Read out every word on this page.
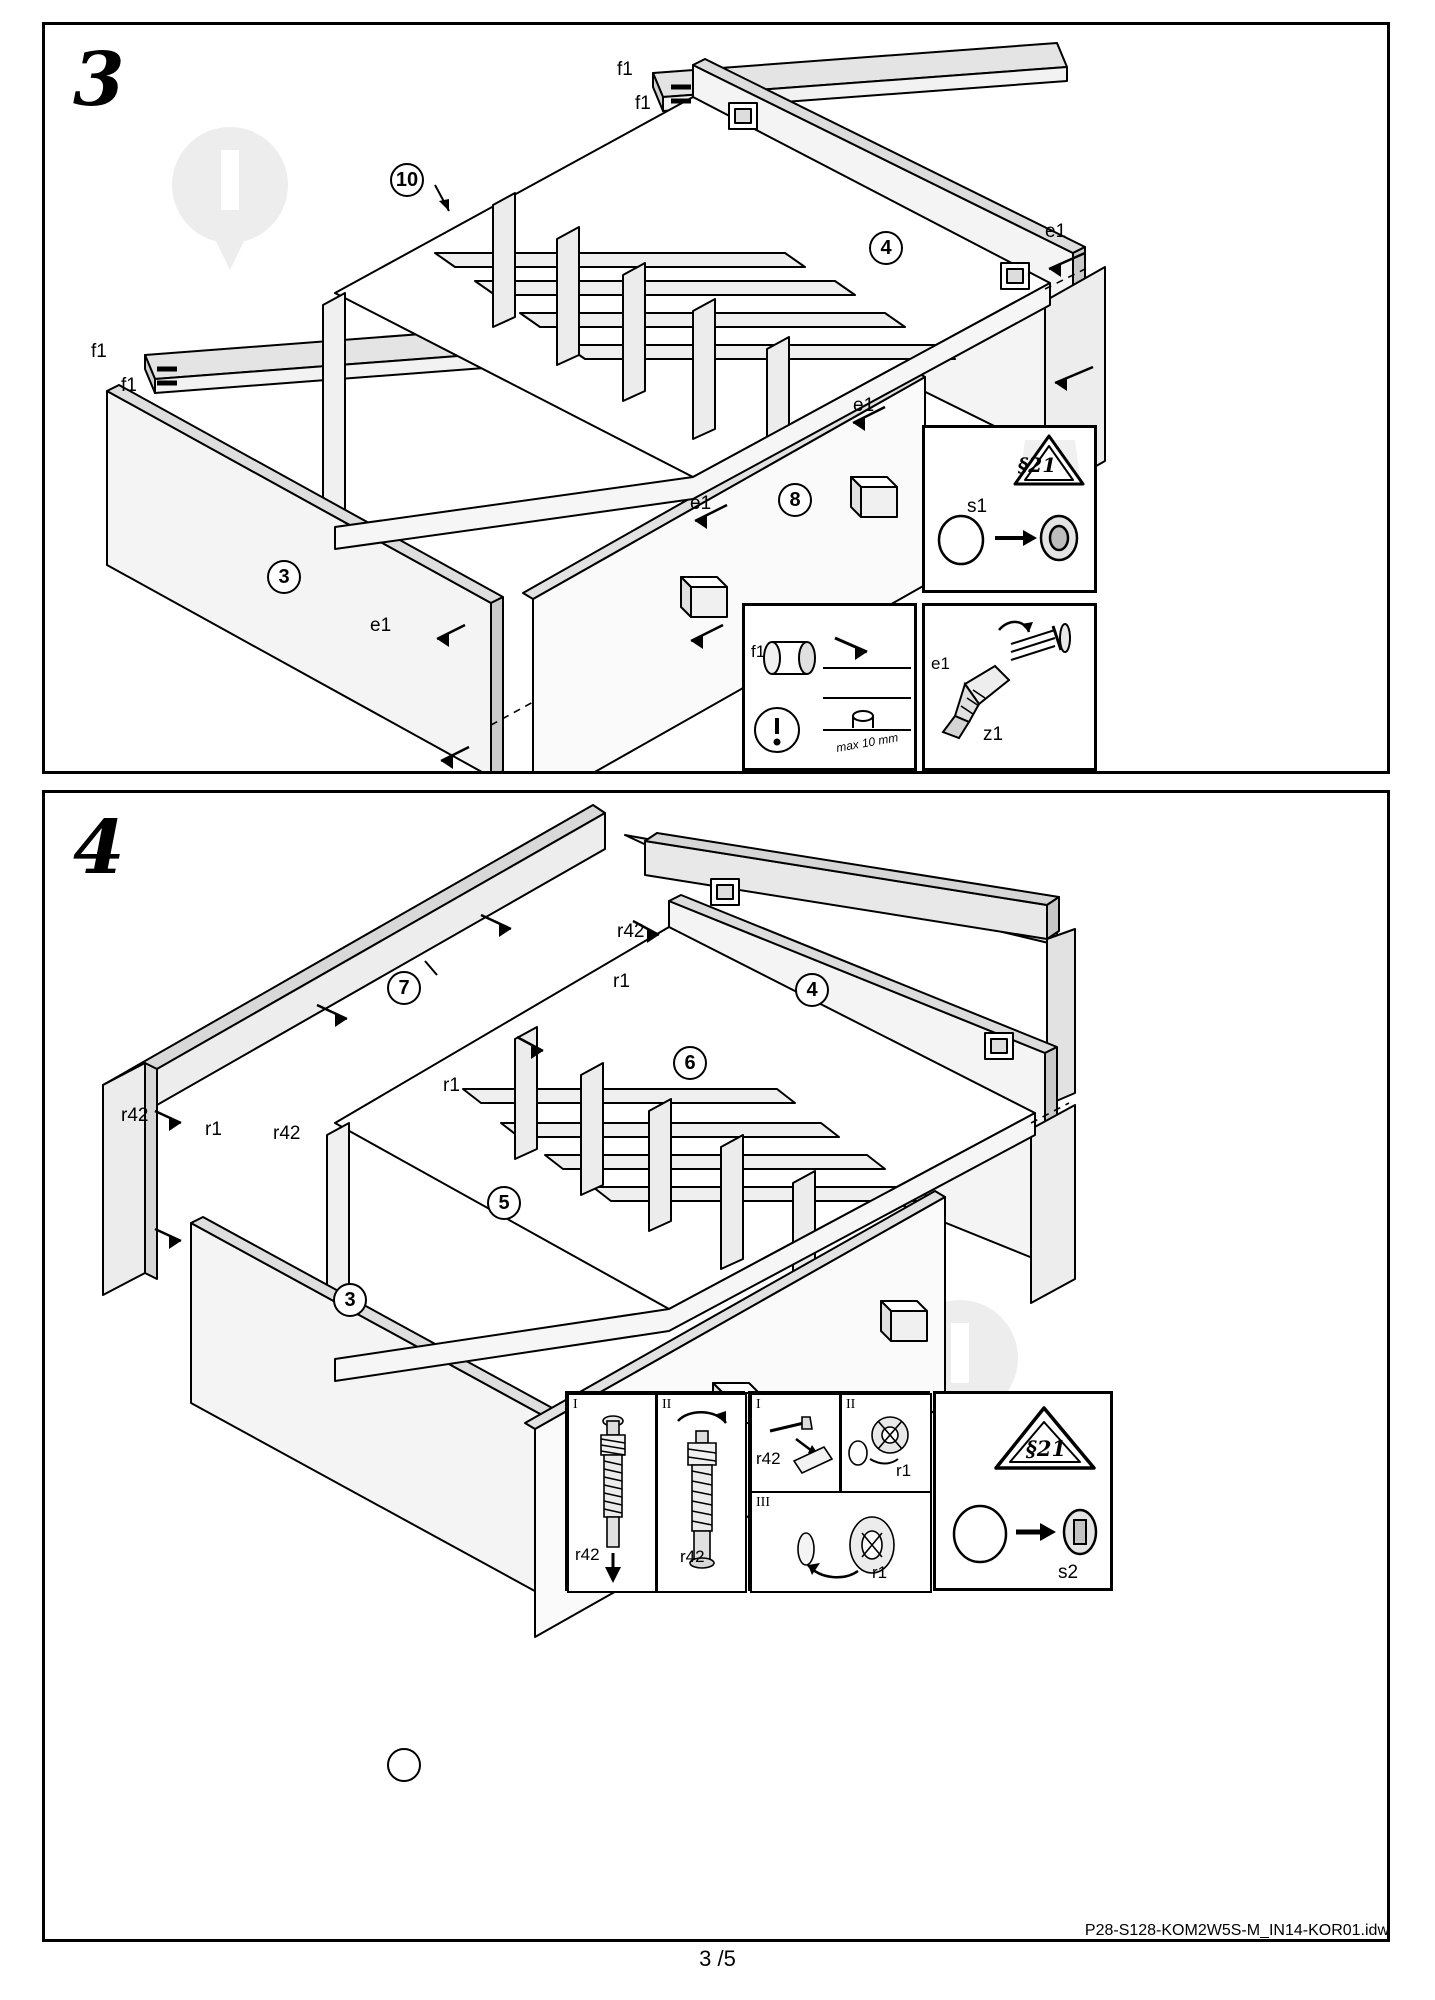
3
10
4
8
3
f1
f1
f1
f1
e1
e1
e1
e1
max 10 mm
f1
e1
z1
§21
s1
4
7	4
6
5
3
r42
r42
r42
r1
r1
r1
I
r42
II
r42
I
r42
II
r1
III
r1
§21
s2
3 /5
P28-S128-KOM2W5S-M_IN14-KOR01.idw
